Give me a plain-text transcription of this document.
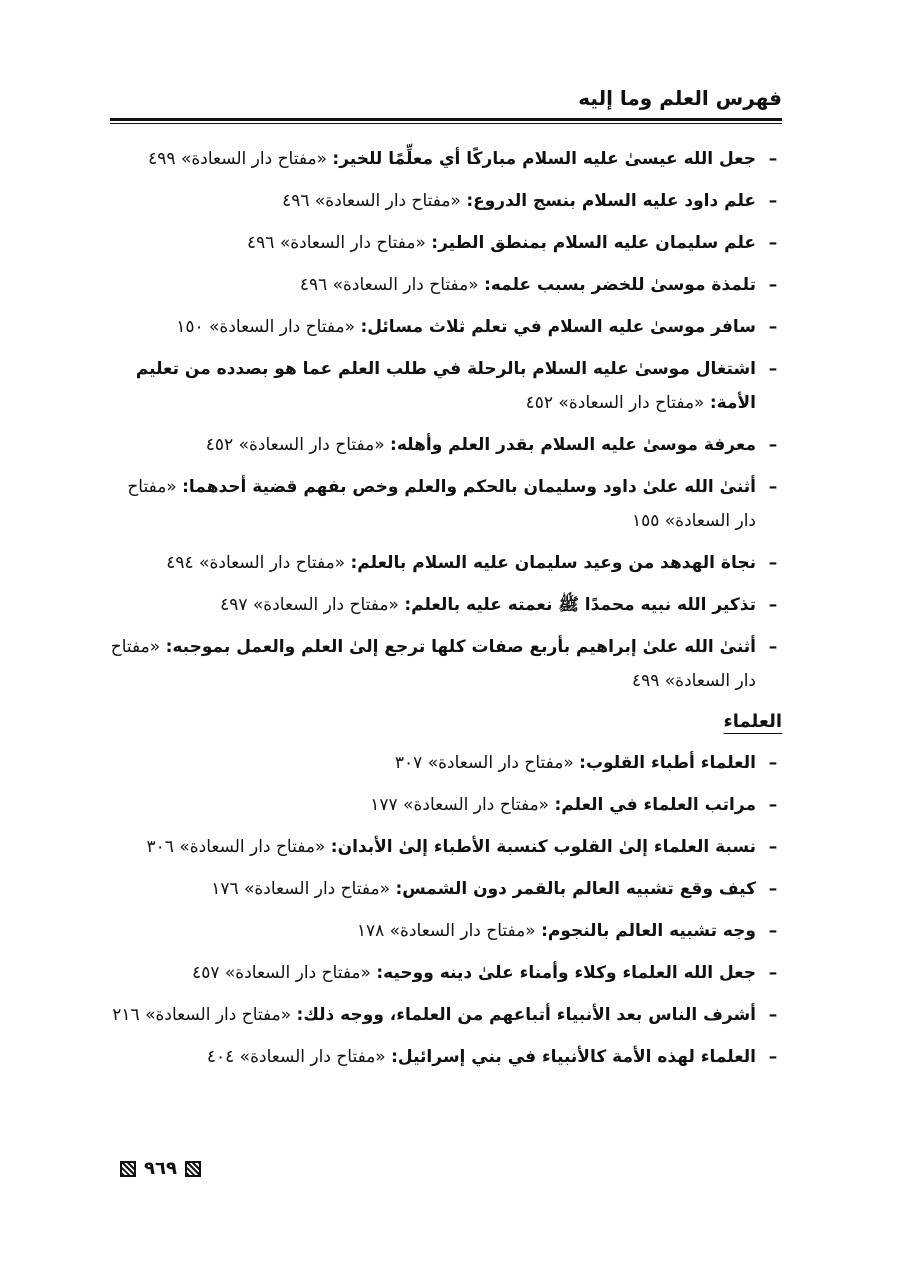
فهرس العلم وما إليه
–
جعل الله عيسىٰ عليه السلام مباركًا أي معلِّمًا للخير: «مفتاح دار السعادة» ٤٩٩
–
علم داود عليه السلام بنسج الدروع: «مفتاح دار السعادة» ٤٩٦
–
علم سليمان عليه السلام بمنطق الطير: «مفتاح دار السعادة» ٤٩٦
–
تلمذة موسىٰ للخضر بسبب علمه: «مفتاح دار السعادة» ٤٩٦
–
سافر موسىٰ عليه السلام في تعلم ثلاث مسائل: «مفتاح دار السعادة» ١٥٠
–
اشتغال موسىٰ عليه السلام بالرحلة في طلب العلم عما هو بصدده من تعليم الأمة: «مفتاح دار السعادة» ٤٥٢
–
معرفة موسىٰ عليه السلام بقدر العلم وأهله: «مفتاح دار السعادة» ٤٥٢
–
أثنىٰ الله علىٰ داود وسليمان بالحكم والعلم وخص بفهم قضية أحدهما: «مفتاح دار السعادة» ١٥٥
–
نجاة الهدهد من وعيد سليمان عليه السلام بالعلم: «مفتاح دار السعادة» ٤٩٤
–
تذكير الله نبيه محمدًا ﷺ نعمته عليه بالعلم: «مفتاح دار السعادة» ٤٩٧
–
أثنىٰ الله علىٰ إبراهيم بأربع صفات كلها ترجع إلىٰ العلم والعمل بموجبه: «مفتاح دار السعادة» ٤٩٩
العلماء
–
العلماء أطباء القلوب: «مفتاح دار السعادة» ٣٠٧
–
مراتب العلماء في العلم: «مفتاح دار السعادة» ١٧٧
–
نسبة العلماء إلىٰ القلوب كنسبة الأطباء إلىٰ الأبدان: «مفتاح دار السعادة» ٣٠٦
–
كيف وقع تشبيه العالم بالقمر دون الشمس: «مفتاح دار السعادة» ١٧٦
–
وجه تشبيه العالم بالنجوم: «مفتاح دار السعادة» ١٧٨
–
جعل الله العلماء وكلاء وأمناء علىٰ دينه ووحيه: «مفتاح دار السعادة» ٤٥٧
–
أشرف الناس بعد الأنبياء أتباعهم من العلماء، ووجه ذلك: «مفتاح دار السعادة» ٢١٦
–
العلماء لهذه الأمة كالأنبياء في بني إسرائيل: «مفتاح دار السعادة» ٤٠٤
٩٦٩
